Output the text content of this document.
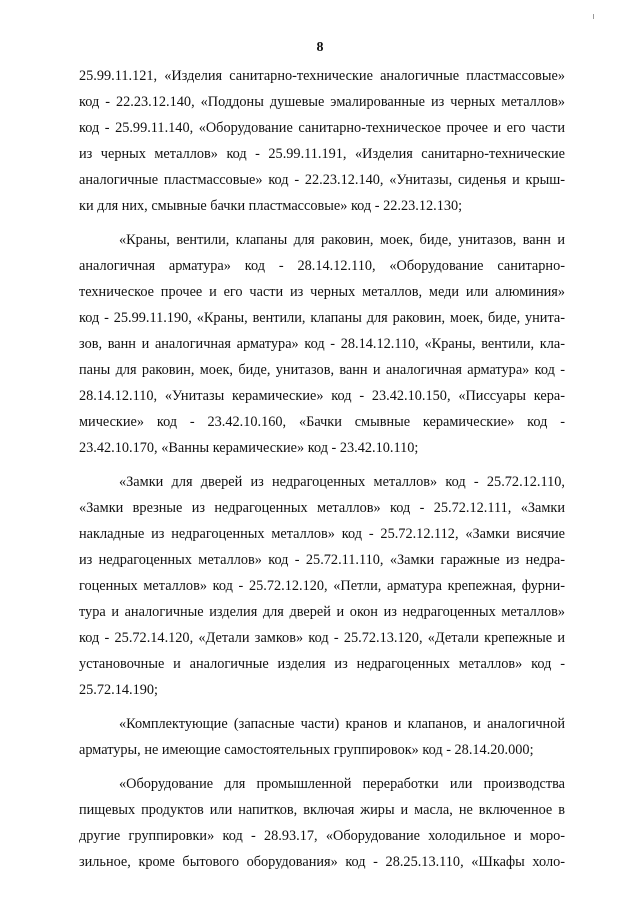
8
25.99.11.121, «Изделия санитарно-технические аналогичные пластмассовые»
код - 22.23.12.140, «Поддоны душевые эмалированные из черных металлов»
код - 25.99.11.140, «Оборудование санитарно-техническое прочее и его части
из черных металлов» код - 25.99.11.191, «Изделия санитарно-технические
аналогичные пластмассовые» код - 22.23.12.140, «Унитазы, сиденья и крыш-
ки для них, смывные бачки пластмассовые» код - 22.23.12.130;
«Краны, вентили, клапаны для раковин, моек, биде, унитазов, ванн и
аналогичная арматура» код - 28.14.12.110, «Оборудование санитарно-
техническое прочее и его части из черных металлов, меди или алюминия»
код - 25.99.11.190, «Краны, вентили, клапаны для раковин, моек, биде, унита-
зов, ванн и аналогичная арматура» код - 28.14.12.110, «Краны, вентили, кла-
паны для раковин, моек, биде, унитазов, ванн и аналогичная арматура» код -
28.14.12.110, «Унитазы керамические» код - 23.42.10.150, «Писсуары кера-
мические» код - 23.42.10.160, «Бачки смывные керамические» код -
23.42.10.170, «Ванны керамические» код - 23.42.10.110;
«Замки для дверей из недрагоценных металлов» код - 25.72.12.110,
«Замки врезные из недрагоценных металлов» код - 25.72.12.111, «Замки
накладные из недрагоценных металлов» код - 25.72.12.112, «Замки висячие
из недрагоценных металлов» код - 25.72.11.110, «Замки гаражные из недра-
гоценных металлов» код - 25.72.12.120, «Петли, арматура крепежная, фурни-
тура и аналогичные изделия для дверей и окон из недрагоценных металлов»
код - 25.72.14.120, «Детали замков» код - 25.72.13.120, «Детали крепежные и
установочные и аналогичные изделия из недрагоценных металлов» код -
25.72.14.190;
«Комплектующие (запасные части) кранов и клапанов, и аналогичной
арматуры, не имеющие самостоятельных группировок» код - 28.14.20.000;
«Оборудование для промышленной переработки или производства
пищевых продуктов или напитков, включая жиры и масла, не включенное в
другие группировки» код - 28.93.17, «Оборудование холодильное и моро-
зильное, кроме бытового оборудования» код - 28.25.13.110, «Шкафы холо-
